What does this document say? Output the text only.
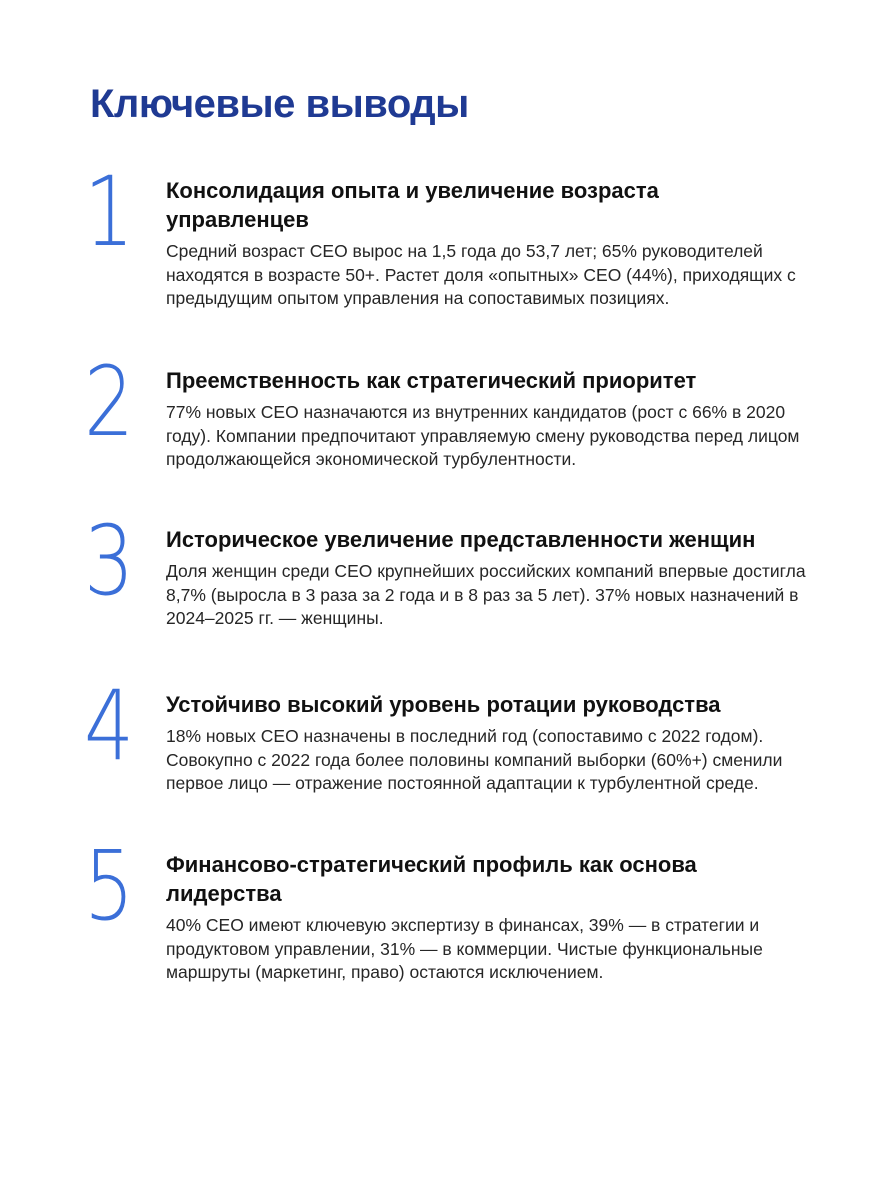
Ключевые выводы
1	Консолидация опыта и увеличение возраста управленцев

Средний возраст CEO вырос на 1,5 года до 53,7 лет; 65% руководителей находятся в возрасте 50+. Растет доля «опытных» CEO (44%), приходящих с предыдущим опытом управления на сопоставимых позициях.

2	Преемственность как стратегический приоритет

77% новых CEO назначаются из внутренних кандидатов (рост с 66% в 2020 году). Компании предпочитают управляемую смену руководства перед лицом продолжающейся экономической турбулентности.

3	Историческое увеличение представленности женщин

Доля женщин среди CEO крупнейших российских компаний впервые достигла 8,7% (выросла в 3 раза за 2 года и в 8 раз за 5 лет). 37% новых назначений в 2024–2025 гг. — женщины.

4	Устойчиво высокий уровень ротации руководства

18% новых CEO назначены в последний год (сопоставимо с 2022 годом). Совокупно с 2022 года более половины компаний выборки (60%+) сменили первое лицо — отражение постоянной адаптации к турбулентной среде.

5	Финансово-стратегический профиль как основа лидерства

40% CEO имеют ключевую экспертизу в финансах, 39% — в стратегии и продуктовом управлении, 31% — в коммерции. Чистые функциональные маршруты (маркетинг, право) остаются исключением.
